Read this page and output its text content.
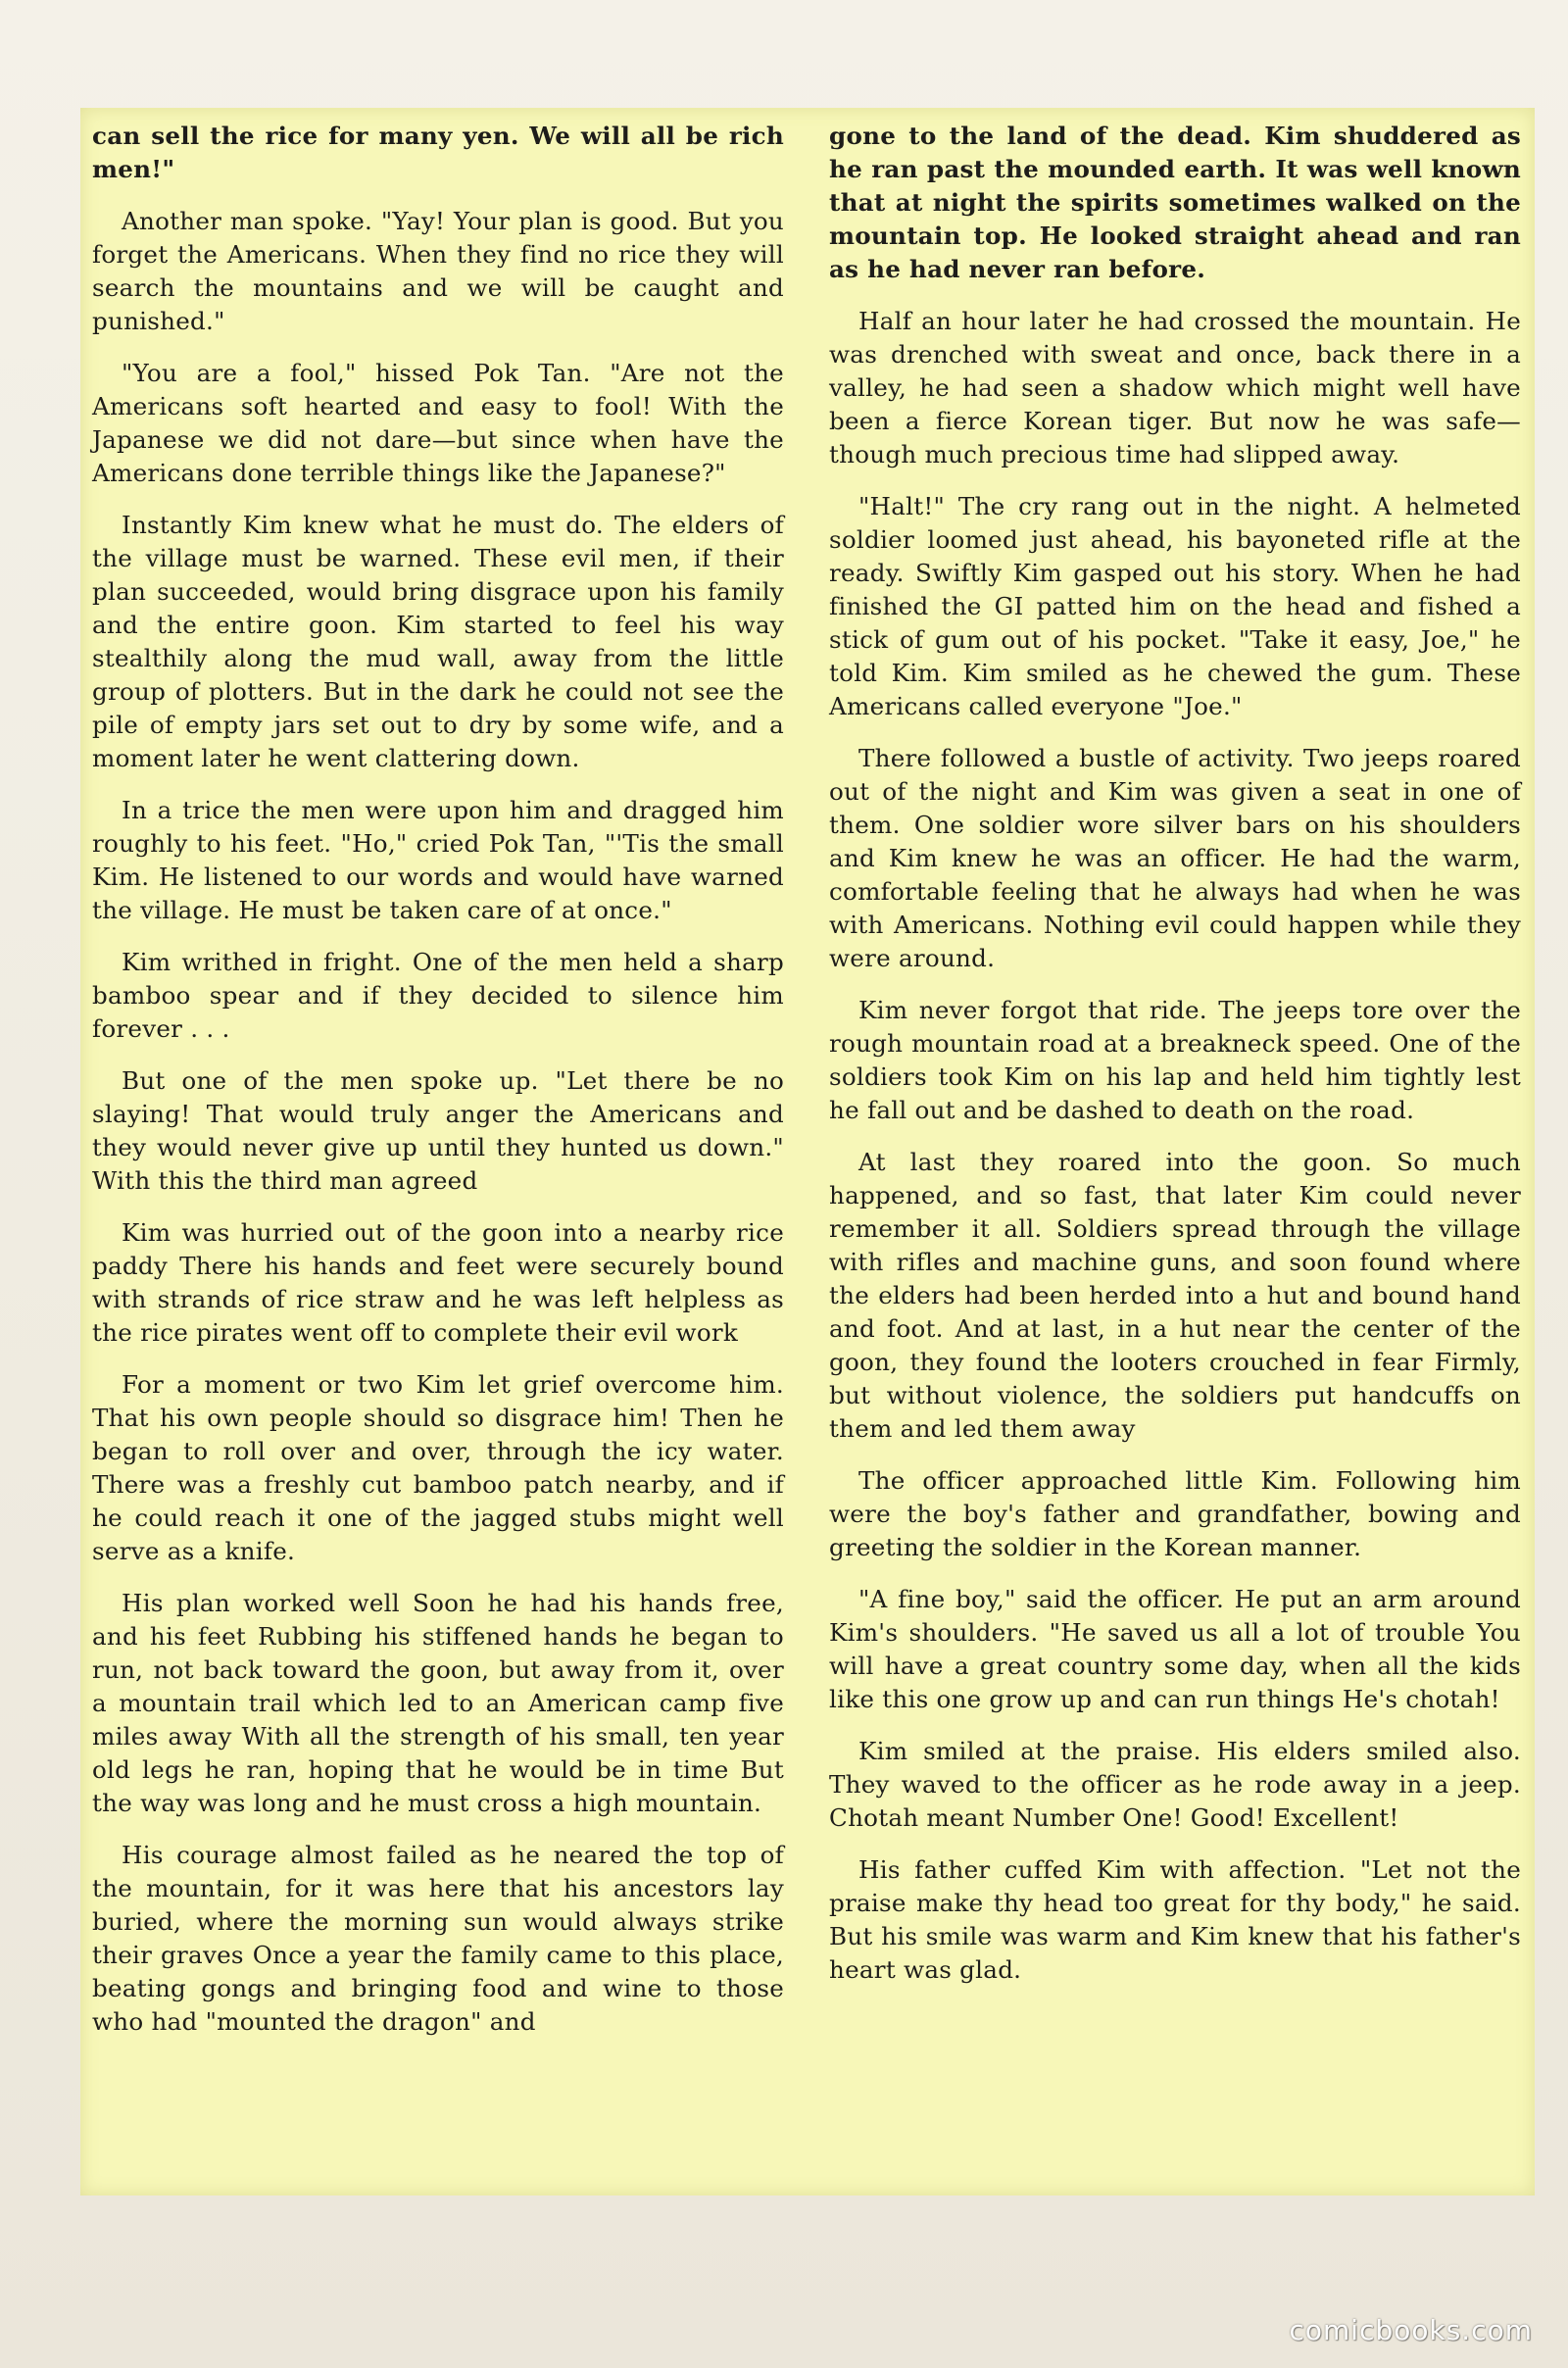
can sell the rice for many yen. We will all be rich men!"

Another man spoke. "Yay! Your plan is good. But you forget the Americans. When they find no rice they will search the mountains and we will be caught and punished."

"You are a fool," hissed Pok Tan. "Are not the Americans soft hearted and easy to fool! With the Japanese we did not dare—but since when have the Americans done terrible things like the Japanese?"

Instantly Kim knew what he must do. The elders of the village must be warned. These evil men, if their plan succeeded, would bring disgrace upon his family and the entire goon. Kim started to feel his way stealthily along the mud wall, away from the little group of plotters. But in the dark he could not see the pile of empty jars set out to dry by some wife, and a moment later he went clattering down.

In a trice the men were upon him and dragged him roughly to his feet. "Ho," cried Pok Tan, "'Tis the small Kim. He listened to our words and would have warned the village. He must be taken care of at once."

Kim writhed in fright. One of the men held a sharp bamboo spear and if they decided to silence him forever . . .

But one of the men spoke up. "Let there be no slaying! That would truly anger the Americans and they would never give up until they hunted us down." With this the third man agreed

Kim was hurried out of the goon into a nearby rice paddy There his hands and feet were securely bound with strands of rice straw and he was left helpless as the rice pirates went off to complete their evil work

For a moment or two Kim let grief overcome him. That his own people should so disgrace him! Then he began to roll over and over, through the icy water. There was a freshly cut bamboo patch nearby, and if he could reach it one of the jagged stubs might well serve as a knife.

His plan worked well Soon he had his hands free, and his feet Rubbing his stiffened hands he began to run, not back toward the goon, but away from it, over a mountain trail which led to an American camp five miles away With all the strength of his small, ten year old legs he ran, hoping that he would be in time But the way was long and he must cross a high mountain.

His courage almost failed as he neared the top of the mountain, for it was here that his ancestors lay buried, where the morning sun would always strike their graves Once a year the family came to this place, beating gongs and bringing food and wine to those who had "mounted the dragon" and

gone to the land of the dead. Kim shuddered as he ran past the mounded earth. It was well known that at night the spirits sometimes walked on the mountain top. He looked straight ahead and ran as he had never ran before.

Half an hour later he had crossed the mountain. He was drenched with sweat and once, back there in a valley, he had seen a shadow which might well have been a fierce Korean tiger. But now he was safe—though much precious time had slipped away.

"Halt!" The cry rang out in the night. A helmeted soldier loomed just ahead, his bayoneted rifle at the ready. Swiftly Kim gasped out his story. When he had finished the GI patted him on the head and fished a stick of gum out of his pocket. "Take it easy, Joe," he told Kim. Kim smiled as he chewed the gum. These Americans called everyone "Joe."

There followed a bustle of activity. Two jeeps roared out of the night and Kim was given a seat in one of them. One soldier wore silver bars on his shoulders and Kim knew he was an officer. He had the warm, comfortable feeling that he always had when he was with Americans. Nothing evil could happen while they were around.

Kim never forgot that ride. The jeeps tore over the rough mountain road at a breakneck speed. One of the soldiers took Kim on his lap and held him tightly lest he fall out and be dashed to death on the road.

At last they roared into the goon. So much happened, and so fast, that later Kim could never remember it all. Soldiers spread through the village with rifles and machine guns, and soon found where the elders had been herded into a hut and bound hand and foot. And at last, in a hut near the center of the goon, they found the looters crouched in fear Firmly, but without violence, the soldiers put handcuffs on them and led them away

The officer approached little Kim. Following him were the boy's father and grandfather, bowing and greeting the soldier in the Korean manner.

"A fine boy," said the officer. He put an arm around Kim's shoulders. "He saved us all a lot of trouble You will have a great country some day, when all the kids like this one grow up and can run things He's chotah!

Kim smiled at the praise. His elders smiled also. They waved to the officer as he rode away in a jeep. Chotah meant Number One! Good! Excellent!

His father cuffed Kim with affection. "Let not the praise make thy head too great for thy body," he said. But his smile was warm and Kim knew that his father's heart was glad.

comicbooks.com
